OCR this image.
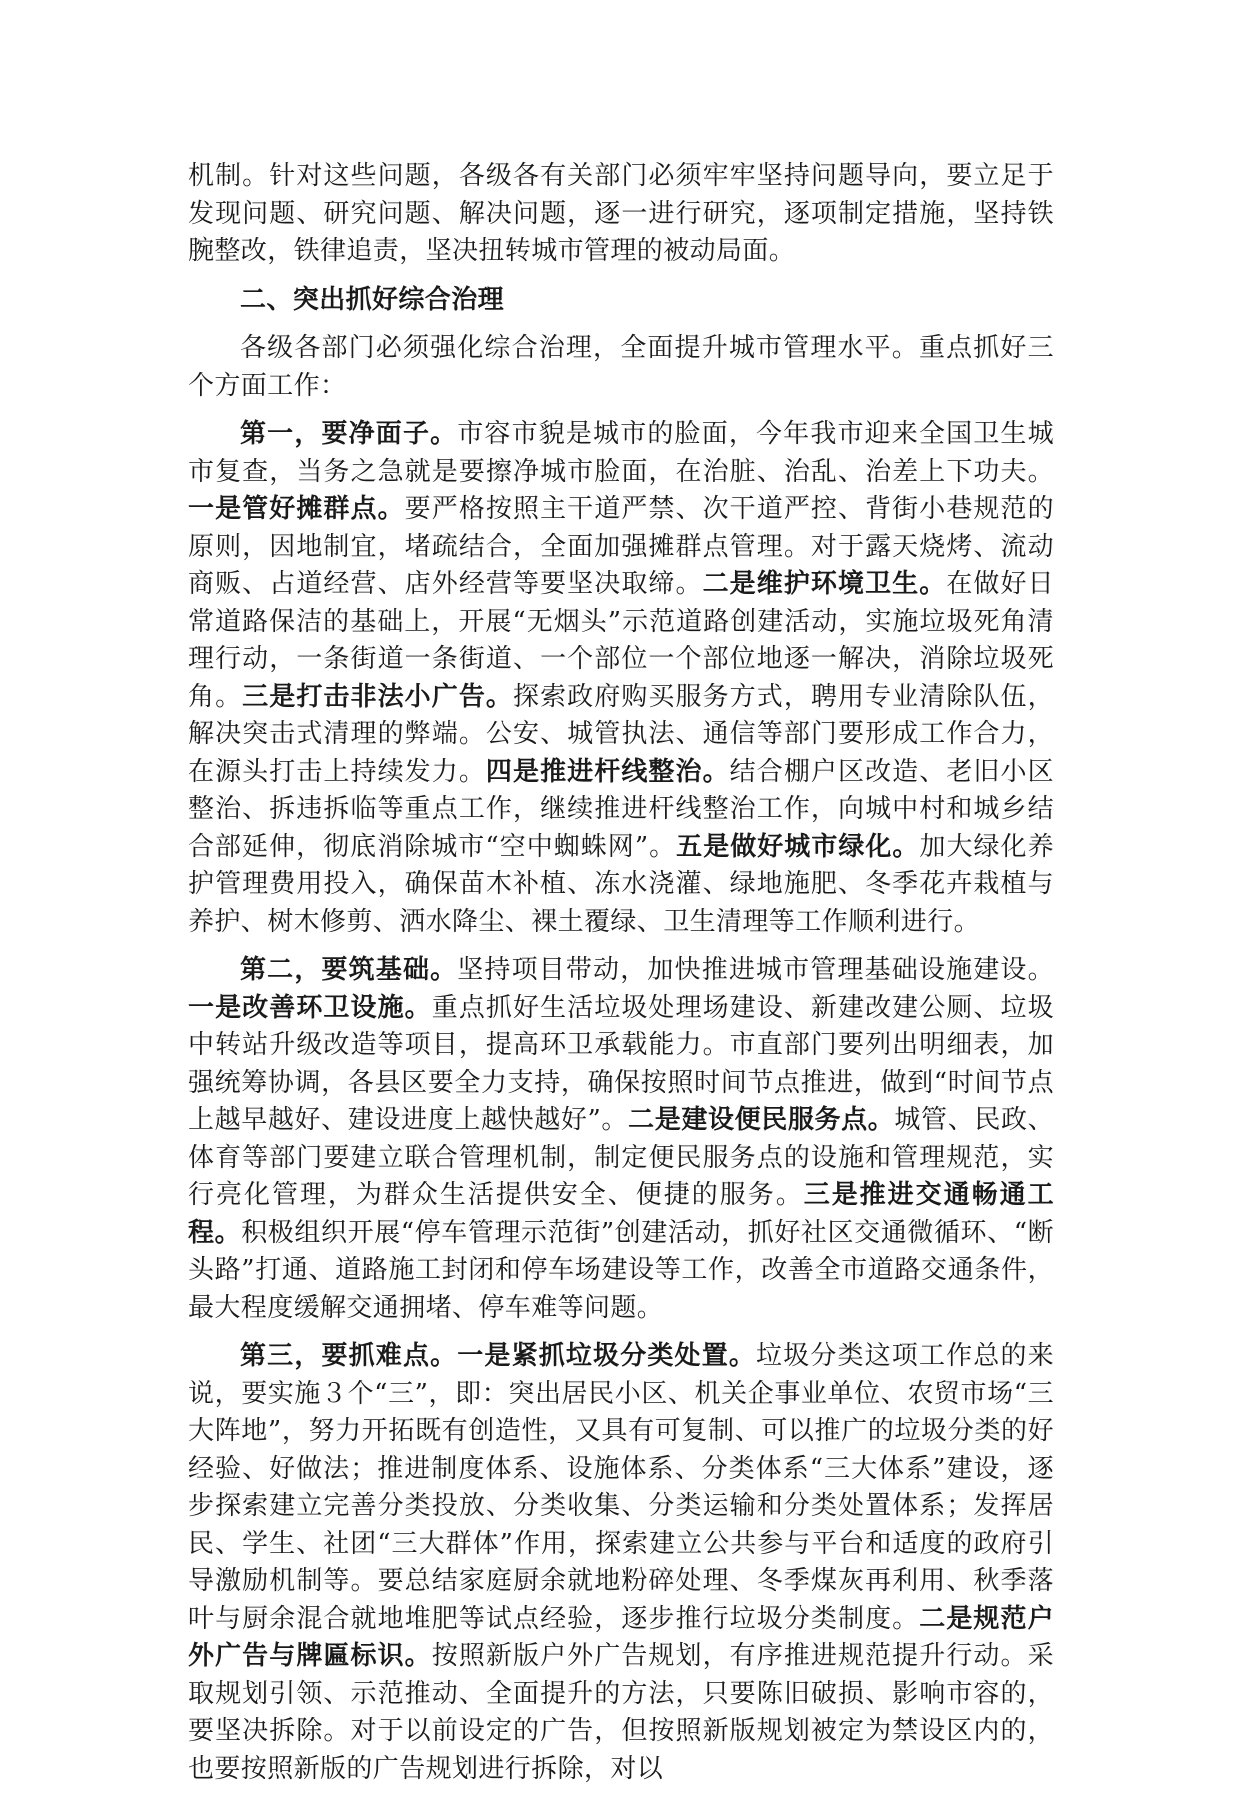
机制。针对这些问题，各级各有关部门必须牢牢坚持问题导向，要立足于发现问题、研究问题、解决问题，逐一进行研究，逐项制定措施，坚持铁腕整改，铁律追责，坚决扭转城市管理的被动局面。

二、突出抓好综合治理

各级各部门必须强化综合治理，全面提升城市管理水平。重点抓好三个方面工作：

第一，要净面子。市容市貌是城市的脸面，今年我市迎来全国卫生城市复查，当务之急就是要擦净城市脸面，在治脏、治乱、治差上下功夫。一是管好摊群点。要严格按照主干道严禁、次干道严控、背街小巷规范的原则，因地制宜，堵疏结合，全面加强摊群点管理。对于露天烧烤、流动商贩、占道经营、店外经营等要坚决取缔。二是维护环境卫生。在做好日常道路保洁的基础上，开展“无烟头”示范道路创建活动，实施垃圾死角清理行动，一条街道一条街道、一个部位一个部位地逐一解决，消除垃圾死角。三是打击非法小广告。探索政府购买服务方式，聘用专业清除队伍，解决突击式清理的弊端。公安、城管执法、通信等部门要形成工作合力，在源头打击上持续发力。四是推进杆线整治。结合棚户区改造、老旧小区整治、拆违拆临等重点工作，继续推进杆线整治工作，向城中村和城乡结合部延伸，彻底消除城市“空中蜘蛛网”。五是做好城市绿化。加大绿化养护管理费用投入，确保苗木补植、冻水浇灌、绿地施肥、冬季花卉栽植与养护、树木修剪、洒水降尘、裸土覆绿、卫生清理等工作顺利进行。

第二，要筑基础。坚持项目带动，加快推进城市管理基础设施建设。一是改善环卫设施。重点抓好生活垃圾处理场建设、新建改建公厕、垃圾中转站升级改造等项目，提高环卫承载能力。市直部门要列出明细表，加强统筹协调，各县区要全力支持，确保按照时间节点推进，做到“时间节点上越早越好、建设进度上越快越好”。二是建设便民服务点。城管、民政、体育等部门要建立联合管理机制，制定便民服务点的设施和管理规范，实行亮化管理，为群众生活提供安全、便捷的服务。三是推进交通畅通工程。积极组织开展“停车管理示范街”创建活动，抓好社区交通微循环、“断头路”打通、道路施工封闭和停车场建设等工作，改善全市道路交通条件，最大程度缓解交通拥堵、停车难等问题。

第三，要抓难点。一是紧抓垃圾分类处置。垃圾分类这项工作总的来说，要实施３个“三”，即：突出居民小区、机关企事业单位、农贸市场“三大阵地”，努力开拓既有创造性，又具有可复制、可以推广的垃圾分类的好经验、好做法；推进制度体系、设施体系、分类体系“三大体系”建设，逐步探索建立完善分类投放、分类收集、分类运输和分类处置体系；发挥居民、学生、社团“三大群体”作用，探索建立公共参与平台和适度的政府引导激励机制等。要总结家庭厨余就地粉碎处理、冬季煤灰再利用、秋季落叶与厨余混合就地堆肥等试点经验，逐步推行垃圾分类制度。二是规范户外广告与牌匾标识。按照新版户外广告规划，有序推进规范提升行动。采取规划引领、示范推动、全面提升的方法，只要陈旧破损、影响市容的，要坚决拆除。对于以前设定的广告，但按照新版规划被定为禁设区内的，也要按照新版的广告规划进行拆除，对以
